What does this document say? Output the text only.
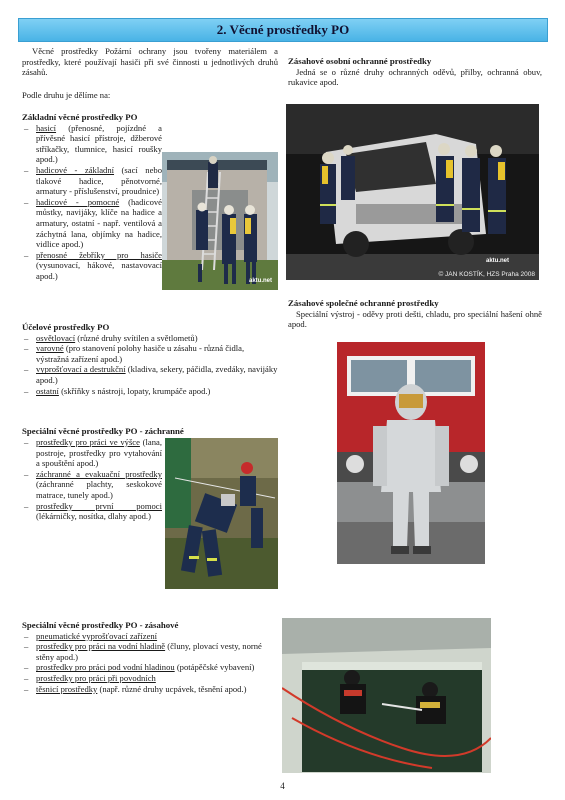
2. Věcné prostředky PO
Věcné prostředky Požární ochrany jsou tvořeny materiálem a prostředky, které používají hasiči při své činnosti u jednotlivých druhů zásahů.
Podle druhu je dělíme na:
Základní věcné prostředky PO
– hasicí (přenosné, pojízdné a přívěsné hasicí přístroje, džberové stříkačky, tlumnice, hasicí roušky apod.)
– hadicové - základní (sací nebo tlakové hadice, pěnotvorné, armatury - příslušenství, proudnice)
– hadicové - pomocné (hadicové můstky, navijáky, klíče na hadice a armatury, ostatní - např. ventilová a záchytná lana, objímky na hadice, vidlice apod.)
– přenosné žebříky pro hasiče (vysunovací, hákové, nastavovací apod.)
aktu.net
Účelové prostředky PO
– osvětlovací (různé druhy svítilen a světlometů)
– varovné (pro stanovení polohy hasiče u zásahu - různá čidla, výstražná zařízení apod.)
– vyprošťovací a destrukční (kladiva, sekery, páčidla, zvedáky, navijáky apod.)
– ostatní (skříňky s nástroji, lopaty, krumpáče apod.)
Speciální věcné prostředky PO - záchranné
– prostředky pro práci ve výšce (lana, postroje, prostředky pro vytahování a spouštění apod.)
– záchranné a evakuační prostředky (záchranné plachty, seskokové matrace, tunely apod.)
– prostředky první pomoci (lékárničky, nosítka, dlahy apod.)
Speciální věcné prostředky PO - zásahové
– pneumatické vyprošťovací zařízení
– prostředky pro práci na vodní hladině (čluny, plovací vesty, norné stěny apod.)
– prostředky pro práci pod vodní hladinou (potápěčské vybavení)
– prostředky pro práci při povodních
– těsnicí prostředky (např. různé druhy ucpávek, těsnění apod.)
Zásahové osobní ochranné prostředky
Jedná se o různé druhy ochranných oděvů, přilby, ochranná obuv, rukavice apod.
aktu.net
© JAN KOSTÍK, HZS Praha 2008
Zásahové společné ochranné prostředky
Speciální výstroj - oděvy proti dešti, chladu, pro speciální hašení ohně apod.
4
